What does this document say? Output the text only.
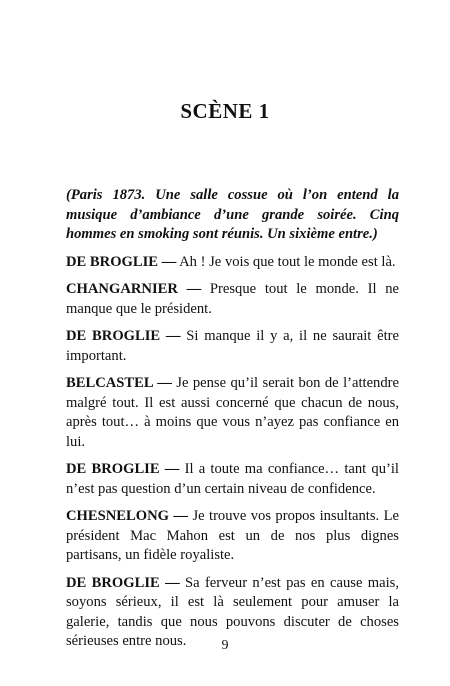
SCÈNE 1

(Paris 1873. Une salle cossue où l’on entend la musique d’ambiance d’une grande soirée. Cinq hommes en smoking sont réunis. Un sixième entre.)

DE BROGLIE — Ah ! Je vois que tout le monde est là.

CHANGARNIER — Presque tout le monde. Il ne manque que le président.

DE BROGLIE — Si manque il y a, il ne saurait être important.

BELCASTEL — Je pense qu’il serait bon de l’attendre malgré tout. Il est aussi concerné que chacun de nous, après tout… à moins que vous n’ayez pas confiance en lui.

DE BROGLIE — Il a toute ma confiance… tant qu’il n’est pas question d’un certain niveau de confidence.

CHESNELONG — Je trouve vos propos insultants. Le président Mac Mahon est un de nos plus dignes partisans, un fidèle royaliste.

DE BROGLIE — Sa ferveur n’est pas en cause mais, soyons sérieux, il est là seulement pour amuser la galerie, tandis que nous pouvons discuter de choses sérieuses entre nous.	9
